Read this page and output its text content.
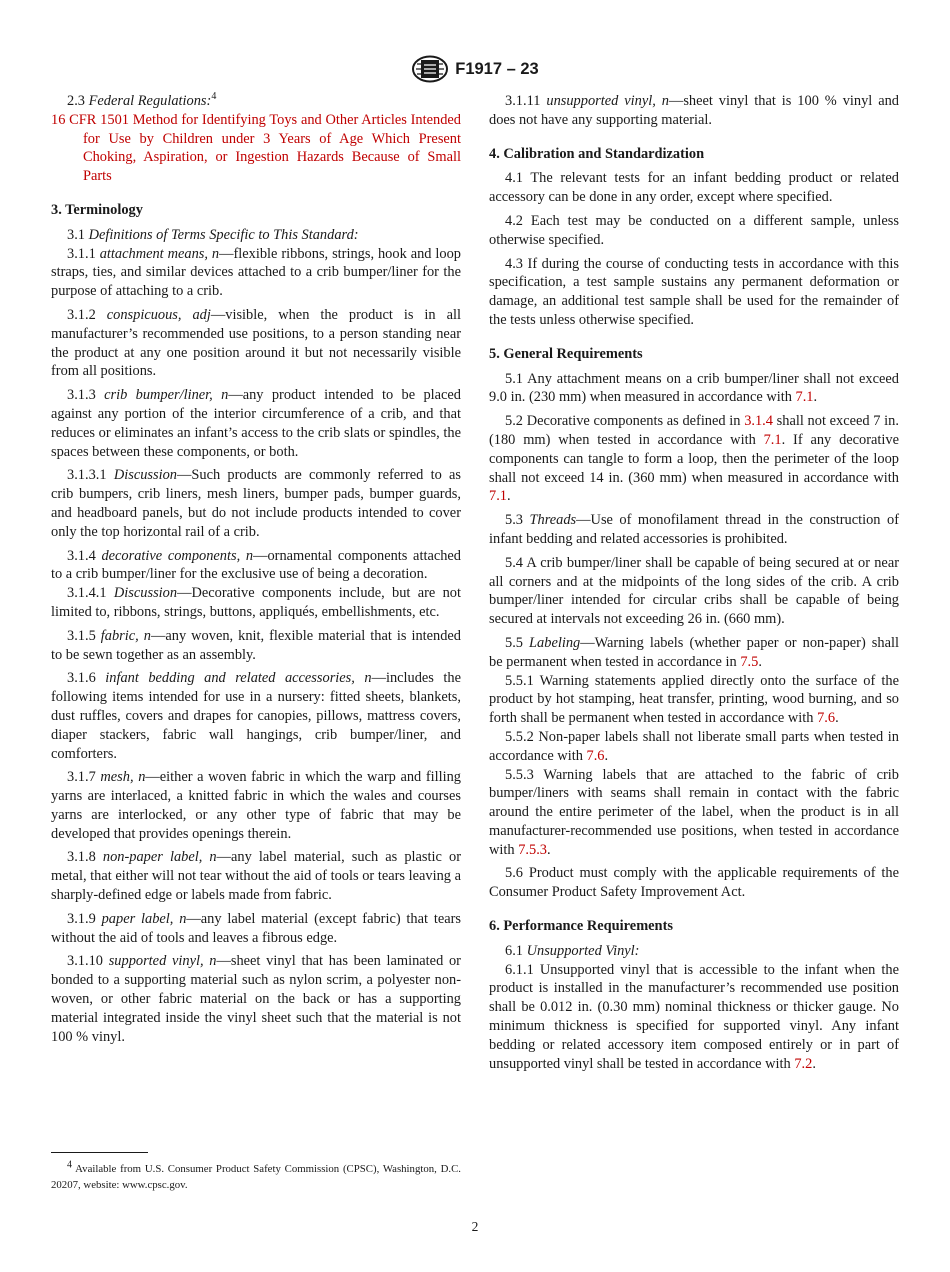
F1917 – 23

2.3 Federal Regulations:$^4$

16 CFR 1501 Method for Identifying Toys and Other Articles Intended for Use by Children under 3 Years of Age Which Present Choking, Aspiration, or Ingestion Hazards Because of Small Parts

3. Terminology

3.1 Definitions of Terms Specific to This Standard:

3.1.1 attachment means, n—flexible ribbons, strings, hook and loop straps, ties, and similar devices attached to a crib bumper/liner for the purpose of attaching to a crib.

3.1.2 conspicuous, adj—visible, when the product is in all manufacturer’s recommended use positions, to a person standing near the product at any one position around it but not necessarily visible from all positions.

3.1.3 crib bumper/liner, n—any product intended to be placed against any portion of the interior circumference of a crib, and that reduces or eliminates an infant’s access to the crib slats or spindles, the spaces between these components, or both.

3.1.3.1 Discussion—Such products are commonly referred to as crib bumpers, crib liners, mesh liners, bumper pads, bumper guards, and headboard panels, but do not include products intended to cover only the top horizontal rail of a crib.

3.1.4 decorative components, n—ornamental components attached to a crib bumper/liner for the exclusive use of being a decoration.

3.1.4.1 Discussion—Decorative components include, but are not limited to, ribbons, strings, buttons, appliqués, embellishments, etc.

3.1.5 fabric, n—any woven, knit, flexible material that is intended to be sewn together as an assembly.

3.1.6 infant bedding and related accessories, n—includes the following items intended for use in a nursery: fitted sheets, blankets, dust ruffles, covers and drapes for canopies, pillows, mattress covers, diaper stackers, fabric wall hangings, crib bumper/liner, and comforters.

3.1.7 mesh, n—either a woven fabric in which the warp and filling yarns are interlaced, a knitted fabric in which the wales and courses yarns are interlocked, or any other type of fabric that may be developed that provides openings therein.

3.1.8 non-paper label, n—any label material, such as plastic or metal, that either will not tear without the aid of tools or tears leaving a sharply-defined edge or labels made from fabric.

3.1.9 paper label, n—any label material (except fabric) that tears without the aid of tools and leaves a fibrous edge.

3.1.10 supported vinyl, n—sheet vinyl that has been laminated or bonded to a supporting material such as nylon scrim, a polyester non-woven, or other fabric material on the back or has a supporting material integrated inside the vinyl sheet such that the material is not 100 % vinyl.

$^4$ Available from U.S. Consumer Product Safety Commission (CPSC), Washington, D.C. 20207, website: www.cpsc.gov.

3.1.11 unsupported vinyl, n—sheet vinyl that is 100 % vinyl and does not have any supporting material.

4. Calibration and Standardization

4.1 The relevant tests for an infant bedding product or related accessory can be done in any order, except where specified.

4.2 Each test may be conducted on a different sample, unless otherwise specified.

4.3 If during the course of conducting tests in accordance with this specification, a test sample sustains any permanent deformation or damage, an additional test sample shall be used for the remainder of the tests unless otherwise specified.

5. General Requirements

5.1 Any attachment means on a crib bumper/liner shall not exceed 9.0 in. (230 mm) when measured in accordance with 7.1.

5.2 Decorative components as defined in 3.1.4 shall not exceed 7 in. (180 mm) when tested in accordance with 7.1. If any decorative components can tangle to form a loop, then the perimeter of the loop shall not exceed 14 in. (360 mm) when measured in accordance with 7.1.

5.3 Threads—Use of monofilament thread in the construction of infant bedding and related accessories is prohibited.

5.4 A crib bumper/liner shall be capable of being secured at or near all corners and at the midpoints of the long sides of the crib. A crib bumper/liner intended for circular cribs shall be capable of being secured at intervals not exceeding 26 in. (660 mm).

5.5 Labeling—Warning labels (whether paper or non-paper) shall be permanent when tested in accordance in 7.5.

5.5.1 Warning statements applied directly onto the surface of the product by hot stamping, heat transfer, printing, wood burning, and so forth shall be permanent when tested in accordance with 7.6.

5.5.2 Non-paper labels shall not liberate small parts when tested in accordance with 7.6.

5.5.3 Warning labels that are attached to the fabric of crib bumper/liners with seams shall remain in contact with the fabric around the entire perimeter of the label, when the product is in all manufacturer-recommended use positions, when tested in accordance with 7.5.3.

5.6 Product must comply with the applicable requirements of the Consumer Product Safety Improvement Act.

6. Performance Requirements

6.1 Unsupported Vinyl:

6.1.1 Unsupported vinyl that is accessible to the infant when the product is installed in the manufacturer’s recommended use position shall be 0.012 in. (0.30 mm) nominal thickness or thicker gauge. No minimum thickness is specified for supported vinyl. Any infant bedding or related accessory item composed entirely or in part of unsupported vinyl shall be tested in accordance with 7.2.

2
